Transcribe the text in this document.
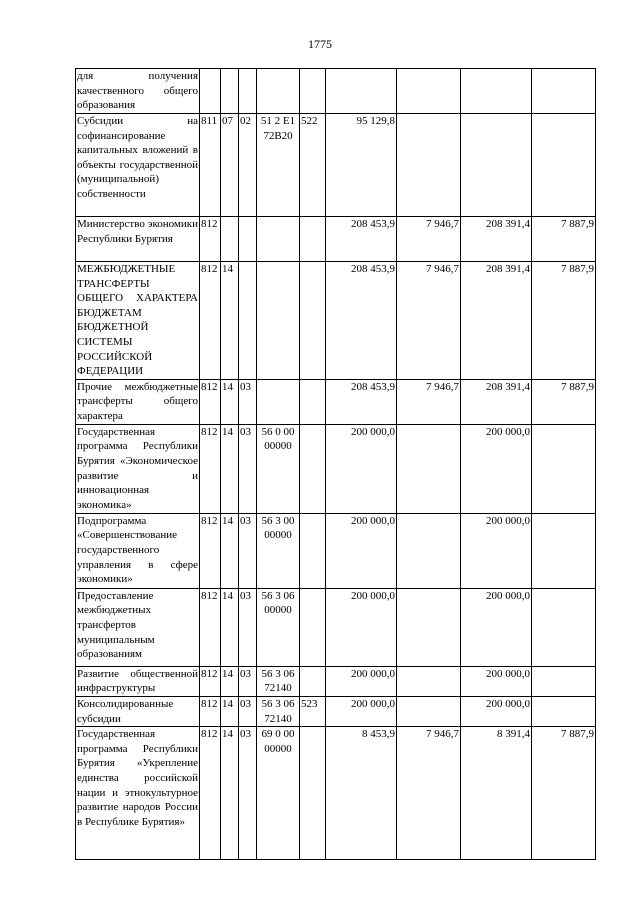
1775
для получения качественного общего образования									
Субсидии на софинансирование капитальных вложений в объекты государственной (муниципальной) собственности	811	07	02	51 2 E1 72B20	522	95 129,8			
Министерство экономики Республики Бурятия	812					208 453,9	7 946,7	208 391,4	7 887,9
МЕЖБЮДЖЕТНЫЕ ТРАНСФЕРТЫ ОБЩЕГО ХАРАКТЕРА БЮДЖЕТАМ БЮДЖЕТНОЙ СИСТЕМЫ РОССИЙСКОЙ ФЕДЕРАЦИИ	812	14				208 453,9	7 946,7	208 391,4	7 887,9
Прочие межбюджетные трансферты общего характера	812	14	03			208 453,9	7 946,7	208 391,4	7 887,9
Государственная программа Республики Бурятия «Экономическое развитие и инновационная экономика»	812	14	03	56 0 00 00000		200 000,0		200 000,0	
Подпрограмма «Совершенствование государственного управления в сфере экономики»	812	14	03	56 3 00 00000		200 000,0		200 000,0	
Предоставление межбюджетных трансфертов муниципальным образованиям	812	14	03	56 3 06 00000		200 000,0		200 000,0	
Развитие общественной инфраструктуры	812	14	03	56 3 06 72140		200 000,0		200 000,0	
Консолидированные субсидии	812	14	03	56 3 06 72140	523	200 000,0		200 000,0	
Государственная программа Республики Бурятия «Укрепление единства российской нации и этнокультурное развитие народов России в Республике Бурятия»	812	14	03	69 0 00 00000		8 453,9	7 946,7	8 391,4	7 887,9
